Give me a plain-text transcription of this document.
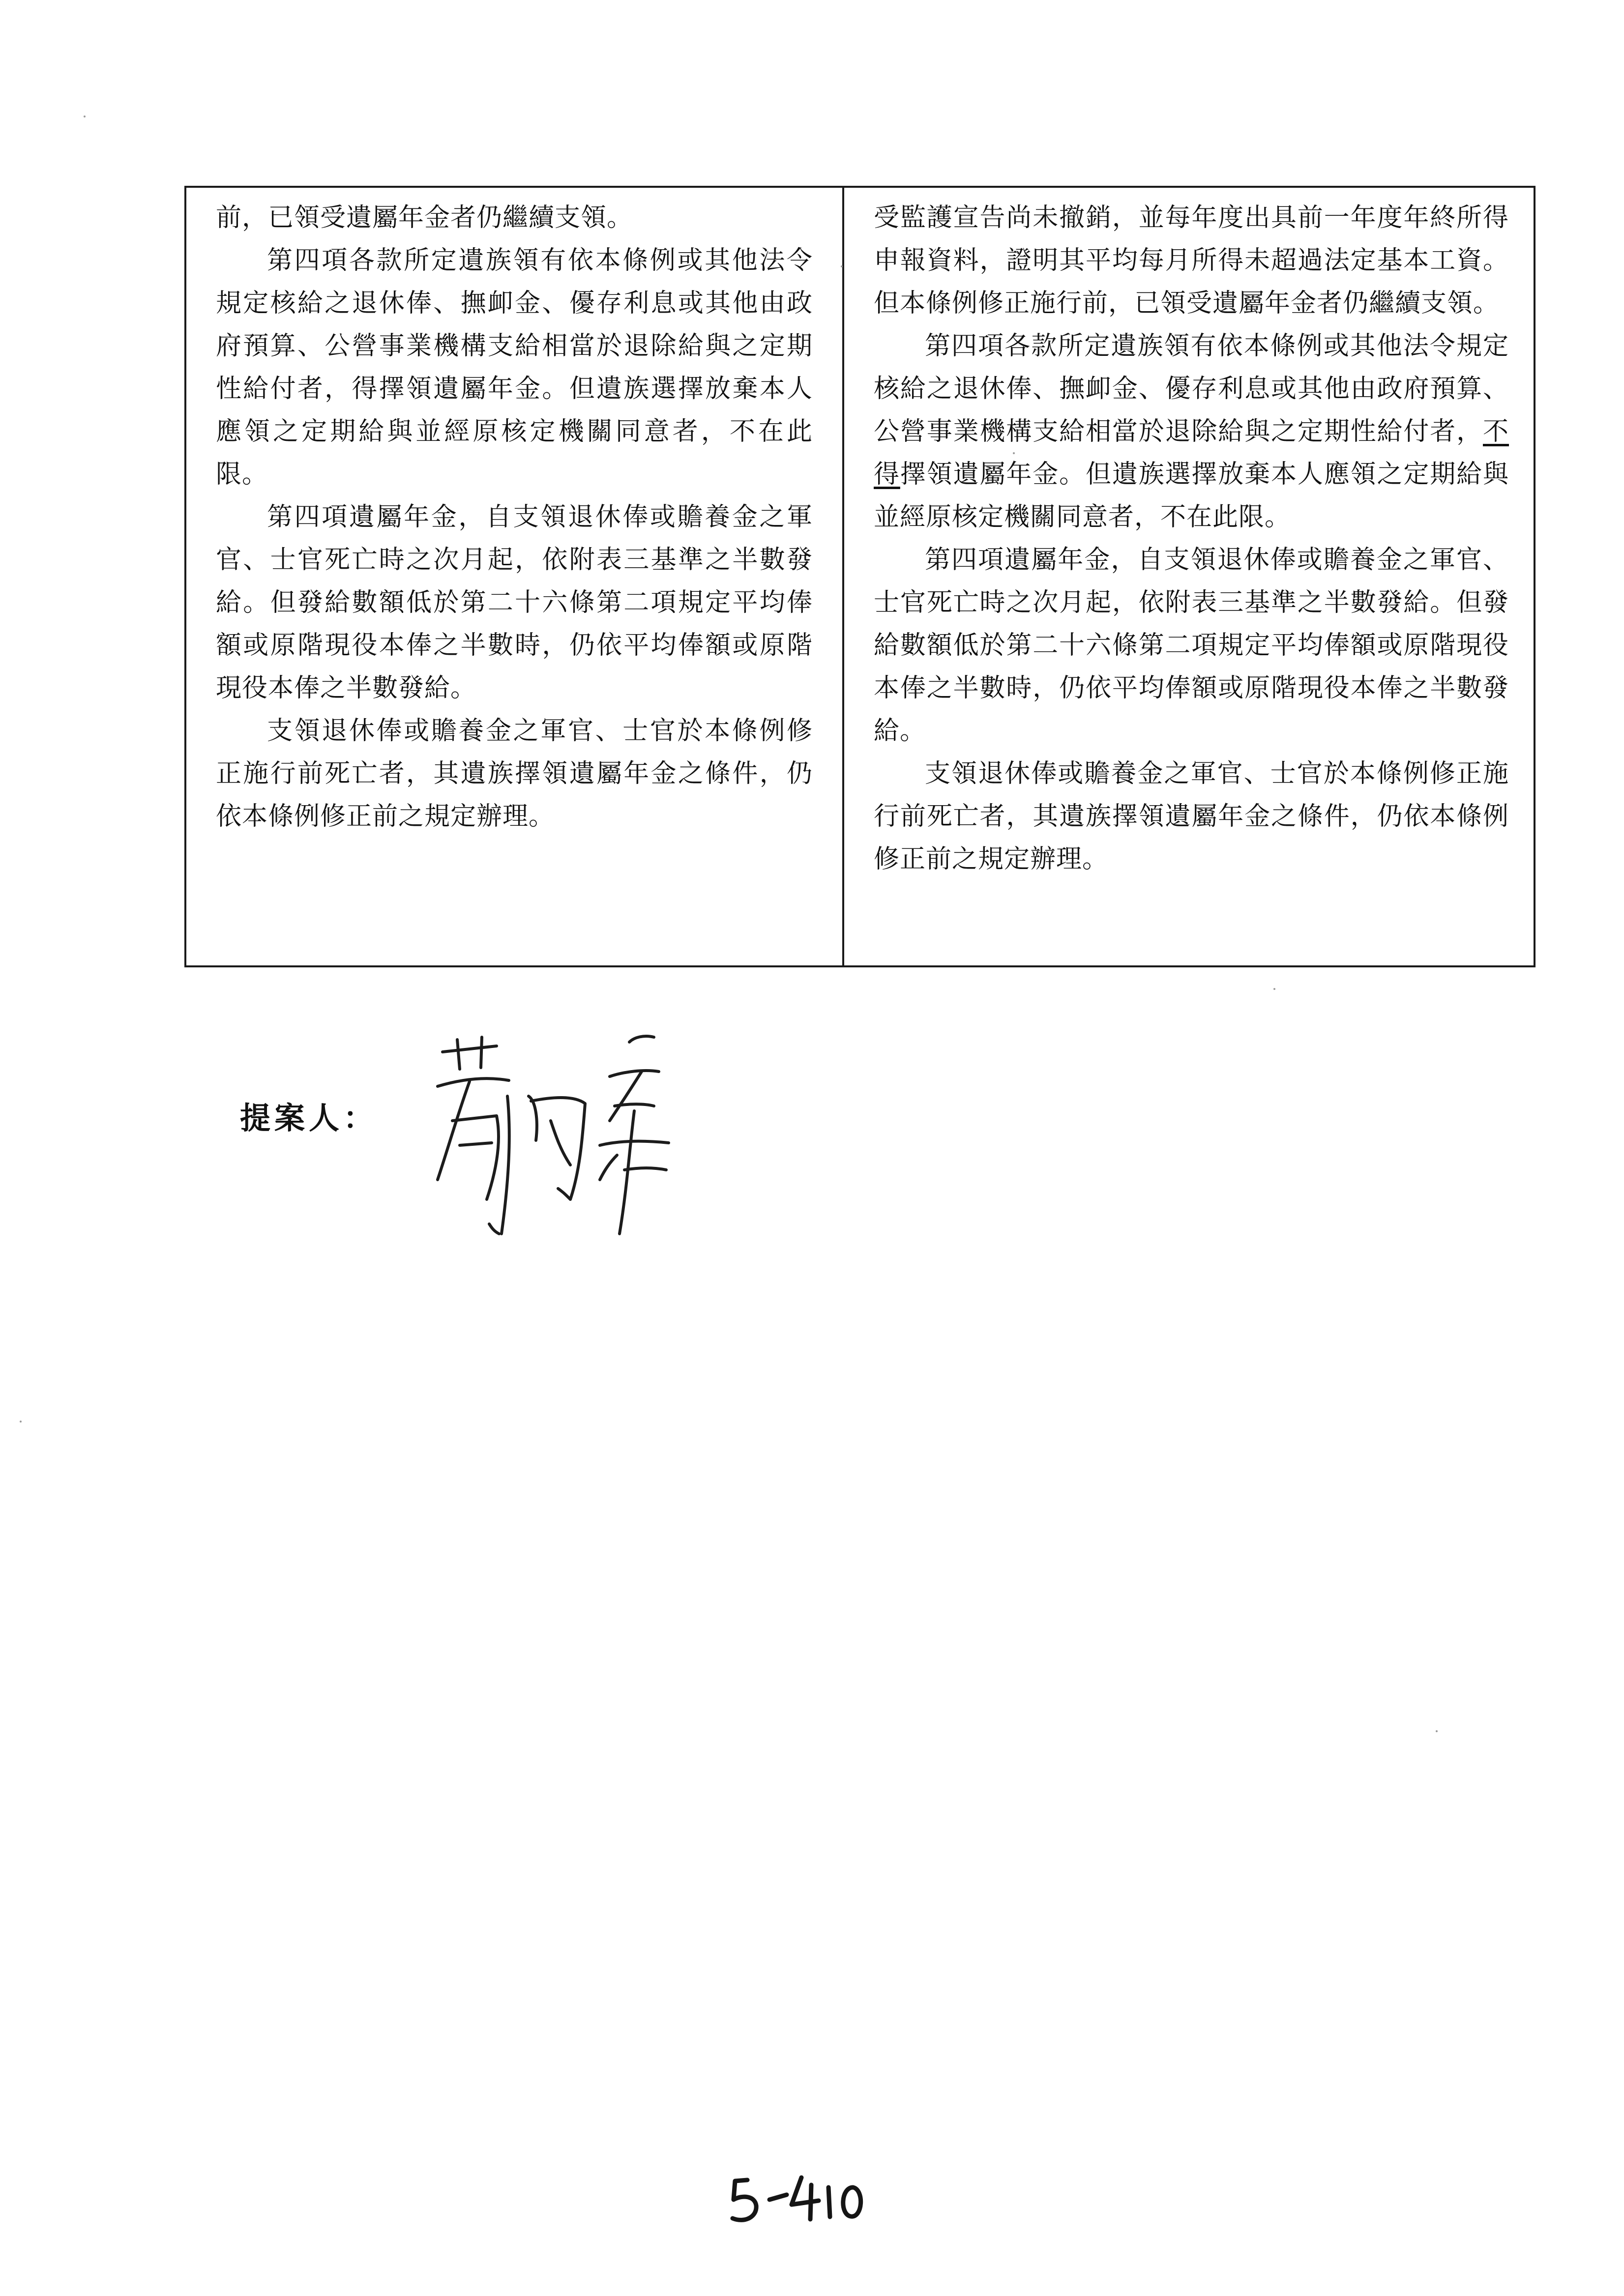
前，已領受遺屬年金者仍繼續支領。

第四項各款所定遺族領有依本條例或其他法令規定核給之退休俸、撫卹金、優存利息或其他由政府預算、公營事業機構支給相當於退除給與之定期性給付者，得擇領遺屬年金。但遺族選擇放棄本人應領之定期給與並經原核定機關同意者，不在此限。

第四項遺屬年金，自支領退休俸或贍養金之軍官、士官死亡時之次月起，依附表三基準之半數發給。但發給數額低於第二十六條第二項規定平均俸額或原階現役本俸之半數時，仍依平均俸額或原階現役本俸之半數發給。

支領退休俸或贍養金之軍官、士官於本條例修正施行前死亡者，其遺族擇領遺屬年金之條件，仍依本條例修正前之規定辦理。

受監護宣告尚未撤銷，並每年度出具前一年度年終所得申報資料，證明其平均每月所得未超過法定基本工資。但本條例修正施行前，已領受遺屬年金者仍繼續支領。

第四項各款所定遺族領有依本條例或其他法令規定核給之退休俸、撫卹金、優存利息或其他由政府預算、公營事業機構支給相當於退除給與之定期性給付者，不得擇領遺屬年金。但遺族選擇放棄本人應領之定期給與並經原核定機關同意者，不在此限。

第四項遺屬年金，自支領退休俸或贍養金之軍官、士官死亡時之次月起，依附表三基準之半數發給。但發給數額低於第二十六條第二項規定平均俸額或原階現役本俸之半數時，仍依平均俸額或原階現役本俸之半數發給。

支領退休俸或贍養金之軍官、士官於本條例修正施行前死亡者，其遺族擇領遺屬年金之條件，仍依本條例修正前之規定辦理。

提案人：
